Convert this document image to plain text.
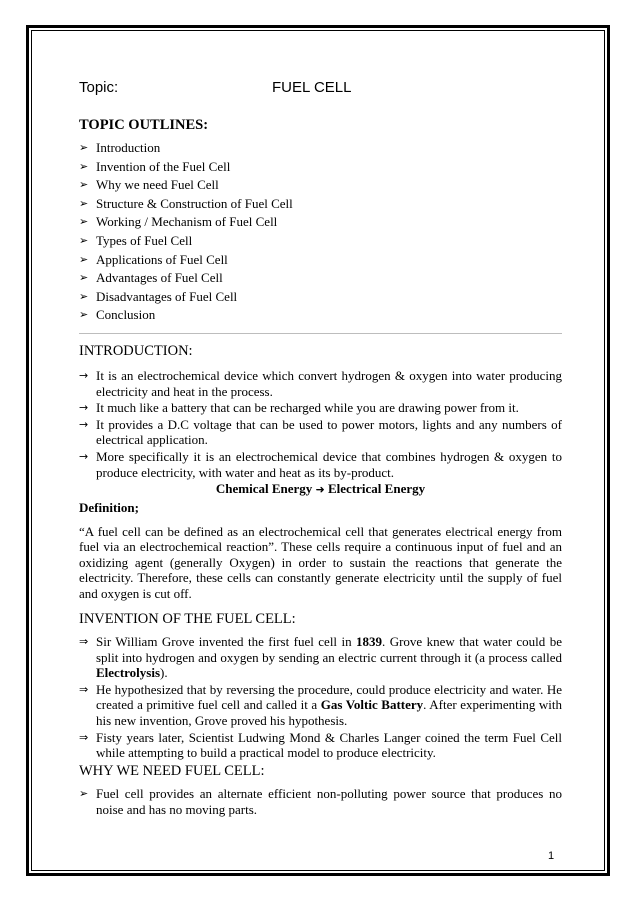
Topic:	FUEL CELL
TOPIC OUTLINES:
➢ Introduction
➢ Invention of the Fuel Cell
➢ Why we need Fuel Cell
➢ Structure & Construction of Fuel Cell
➢ Working / Mechanism of Fuel Cell
➢ Types of Fuel Cell
➢ Applications of Fuel Cell
➢ Advantages of Fuel Cell
➢ Disadvantages of Fuel Cell
➢ Conclusion
INTRODUCTION:
→ It is an electrochemical device which convert hydrogen & oxygen into water producing electricity and heat in the process.
→ It much like a battery that can be recharged while you are drawing power from it.
→ It provides a D.C voltage that can be used to power motors, lights and any numbers of electrical application.
→ More specifically it is an electrochemical device that combines hydrogen & oxygen to produce electricity, with water and heat as its by-product.
Chemical Energy ➜ Electrical Energy
Definition;

“A fuel cell can be defined as an electrochemical cell that generates electrical energy from fuel via an electrochemical reaction”. These cells require a continuous input of fuel and an oxidizing agent (generally Oxygen) in order to sustain the reactions that generate the electricity. Therefore, these cells can constantly generate electricity until the supply of fuel and oxygen is cut off.

INVENTION OF THE FUEL CELL:
⇒ Sir William Grove invented the first fuel cell in 1839. Grove knew that water could be split into hydrogen and oxygen by sending an electric current through it (a process called Electrolysis).
⇒ He hypothesized that by reversing the procedure, could produce electricity and water. He created a primitive fuel cell and called it a Gas Voltic Battery. After experimenting with his new invention, Grove proved his hypothesis.
⇒ Fisty years later, Scientist Ludwing Mond & Charles Langer coined the term Fuel Cell while attempting to build a practical model to produce electricity.
WHY WE NEED FUEL CELL:
➢ Fuel cell provides an alternate efficient non-polluting power source that produces no noise and has no moving parts.
1
